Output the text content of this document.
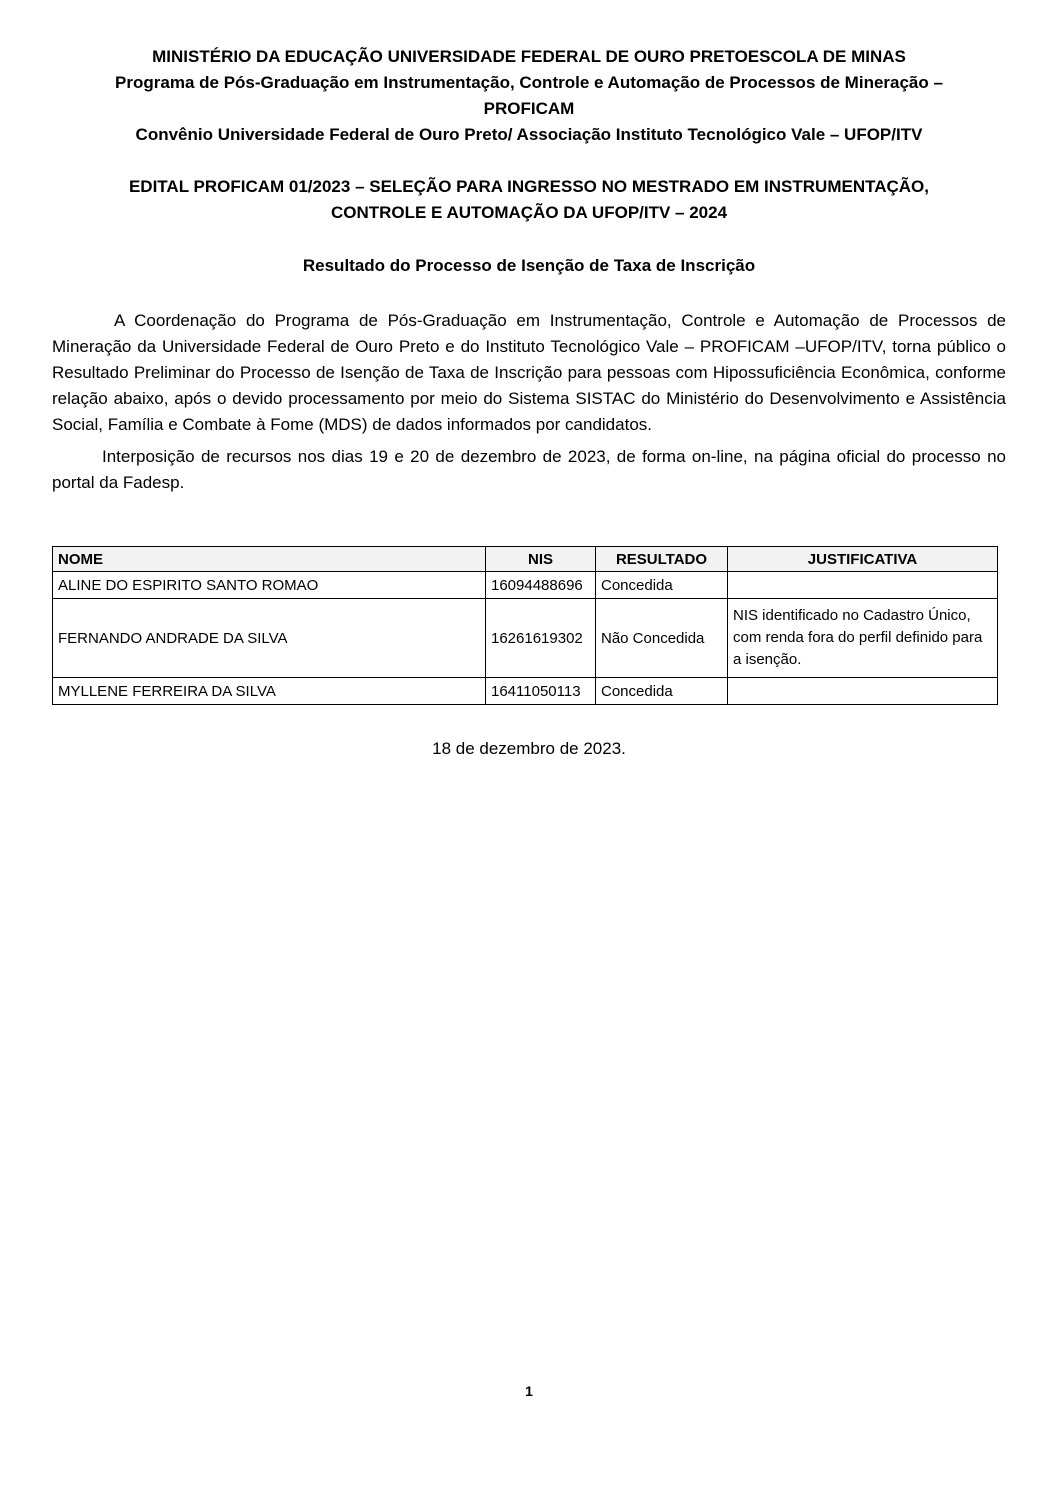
MINISTÉRIO DA EDUCAÇÃO UNIVERSIDADE FEDERAL DE OURO PRETOESCOLA DE MINAS
Programa de Pós-Graduação em Instrumentação, Controle e Automação de Processos de Mineração – PROFICAM
Convênio Universidade Federal de Ouro Preto/ Associação Instituto Tecnológico Vale – UFOP/ITV
EDITAL PROFICAM 01/2023 – SELEÇÃO PARA INGRESSO NO MESTRADO EM INSTRUMENTAÇÃO, CONTROLE E AUTOMAÇÃO DA UFOP/ITV – 2024
Resultado do Processo de Isenção de Taxa de Inscrição

A Coordenação do Programa de Pós-Graduação em Instrumentação, Controle e Automação de Processos de Mineração da Universidade Federal de Ouro Preto e do Instituto Tecnológico Vale – PROFICAM –UFOP/ITV, torna público o Resultado Preliminar do Processo de Isenção de Taxa de Inscrição para pessoas com Hipossuficiência Econômica, conforme relação abaixo, após o devido processamento por meio do Sistema SISTAC do Ministério do Desenvolvimento e Assistência Social, Família e Combate à Fome (MDS) de dados informados por candidatos.

Interposição de recursos nos dias 19 e 20 de dezembro de 2023, de forma on-line, na página oficial do processo no portal da Fadesp.

NOME	NIS	RESULTADO	JUSTIFICATIVA
ALINE DO ESPIRITO SANTO ROMAO	16094488696	Concedida	
FERNANDO ANDRADE DA SILVA	16261619302	Não Concedida	NIS identificado no Cadastro Único, com renda fora do perfil definido para a isenção.
MYLLENE FERREIRA DA SILVA	16411050113	Concedida	
18 de dezembro de 2023.
1
